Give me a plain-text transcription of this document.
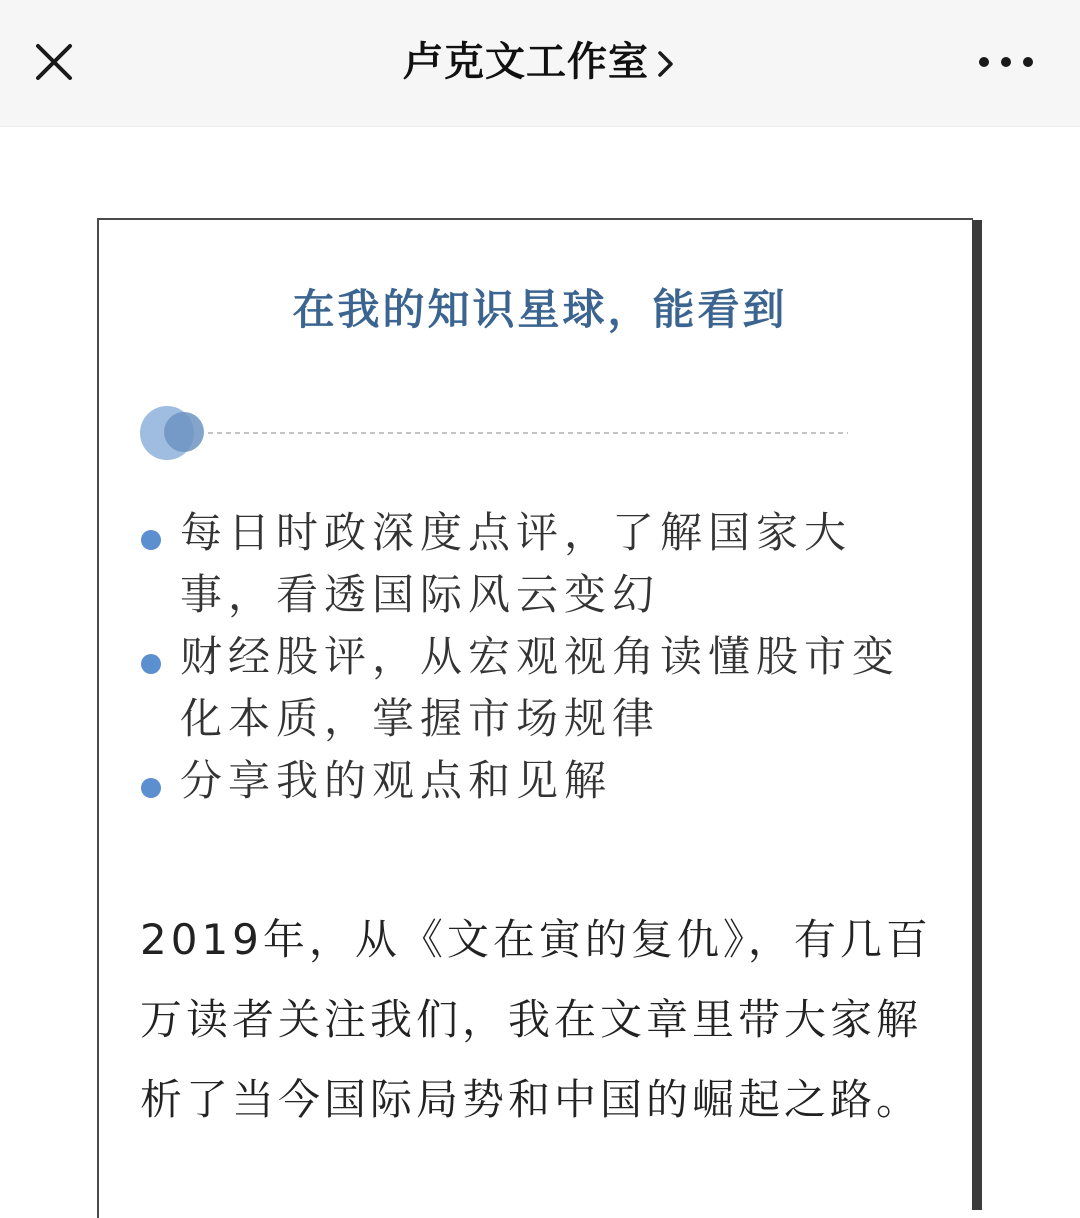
卢克文工作室
在我的知识星球，能看到
每日时政深度点评，了解国家大事，看透国际风云变幻
财经股评，从宏观视角读懂股市变化本质，掌握市场规律
分享我的观点和见解

2019年，从《文在寅的复仇》，有几百万读者关注我们，我在文章里带大家解析了当今国际局势和中国的崛起之路。
